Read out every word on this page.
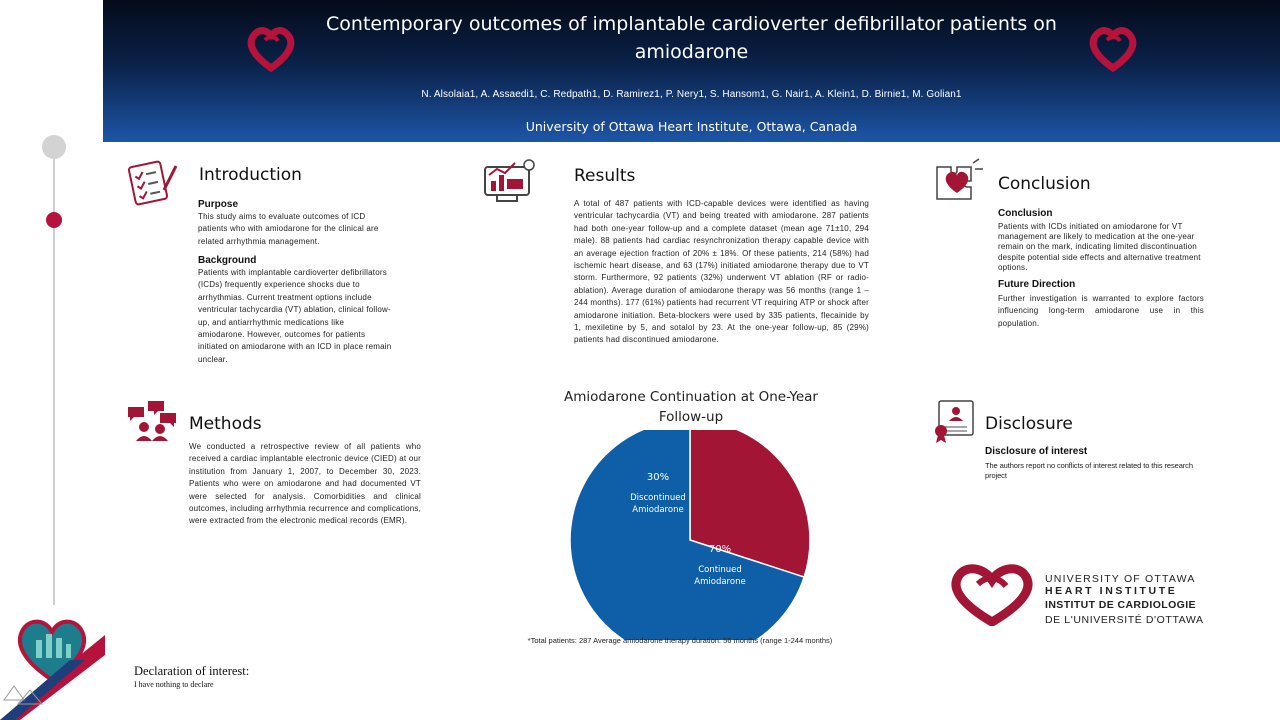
Contemporary outcomes of implantable cardioverter defibrillator patients on amiodarone
N. Alsolaia1, A. Assaedi1, C. Redpath1, D. Ramirez1, P. Nery1, S. Hansom1, G. Nair1, A. Klein1, D. Birnie1, M. Golian1
University of Ottawa Heart Institute, Ottawa, Canada
Introduction
Purpose
This study aims to evaluate outcomes of ICD patients who with amiodarone for the clinical are related arrhythmia management.
Background
Patients with implantable cardioverter defibrillators (ICDs) frequently experience shocks due to arrhythmias. Current treatment options include ventricular tachycardia (VT) ablation, clinical follow-up, and antiarrhythmic medications like amiodarone. However, outcomes for patients initiated on amiodarone with an ICD in place remain unclear.
Methods
We conducted a retrospective review of all patients who received a cardiac implantable electronic device (CIED) at our institution from January 1, 2007, to December 30, 2023. Patients who were on amiodarone and had documented VT were selected for analysis. Comorbidities and clinical outcomes, including arrhythmia recurrence and complications, were extracted from the electronic medical records (EMR).
Results
A total of 487 patients with ICD-capable devices were identified as having ventricular tachycardia (VT) and being treated with amiodarone. 287 patients had both one-year follow-up and a complete dataset (mean age 71±10, 294 male). 88 patients had cardiac resynchronization therapy capable device with an average ejection fraction of 20% ± 18%. Of these patients, 214 (58%) had ischemic heart disease, and 63 (17%) initiated amiodarone therapy due to VT storm. Furthermore, 92 patients (32%) underwent VT ablation (RF or radio-ablation). Average duration of amiodarone therapy was 56 months (range 1 – 244 months). 177 (61%) patients had recurrent VT requiring ATP or shock after amiodarone initiation. Beta-blockers were used by 335 patients, flecainide by 1, mexiletine by 5, and sotalol by 23. At the one-year follow-up, 85 (29%) patients had discontinued amiodarone.
Conclusion
Conclusion
Patients with ICDs initiated on amiodarone for VT management are likely to medication at the one-year remain on the mark, indicating limited discontinuation despite potential side effects and alternative treatment options.
Future Direction
Further investigation is warranted to explore factors influencing long-term amiodarone use in this population.
Disclosure
Disclosure of interest
The authors report no conflicts of interest related to this research project
Amiodarone Continuation at One-Year Follow-up
30%
Discontinued
Amiodarone
70%
Continued
Amiodarone
*Total patients: 287 Average amiodarone therapy duration: 56 months (range 1-244 months)
UNIVERSITY OF OTTAWA
HEART INSTITUTE
INSTITUT DE CARDIOLOGIE
DE L'UNIVERSITÉ D'OTTAWA
Declaration of interest:
I have nothing to declare
